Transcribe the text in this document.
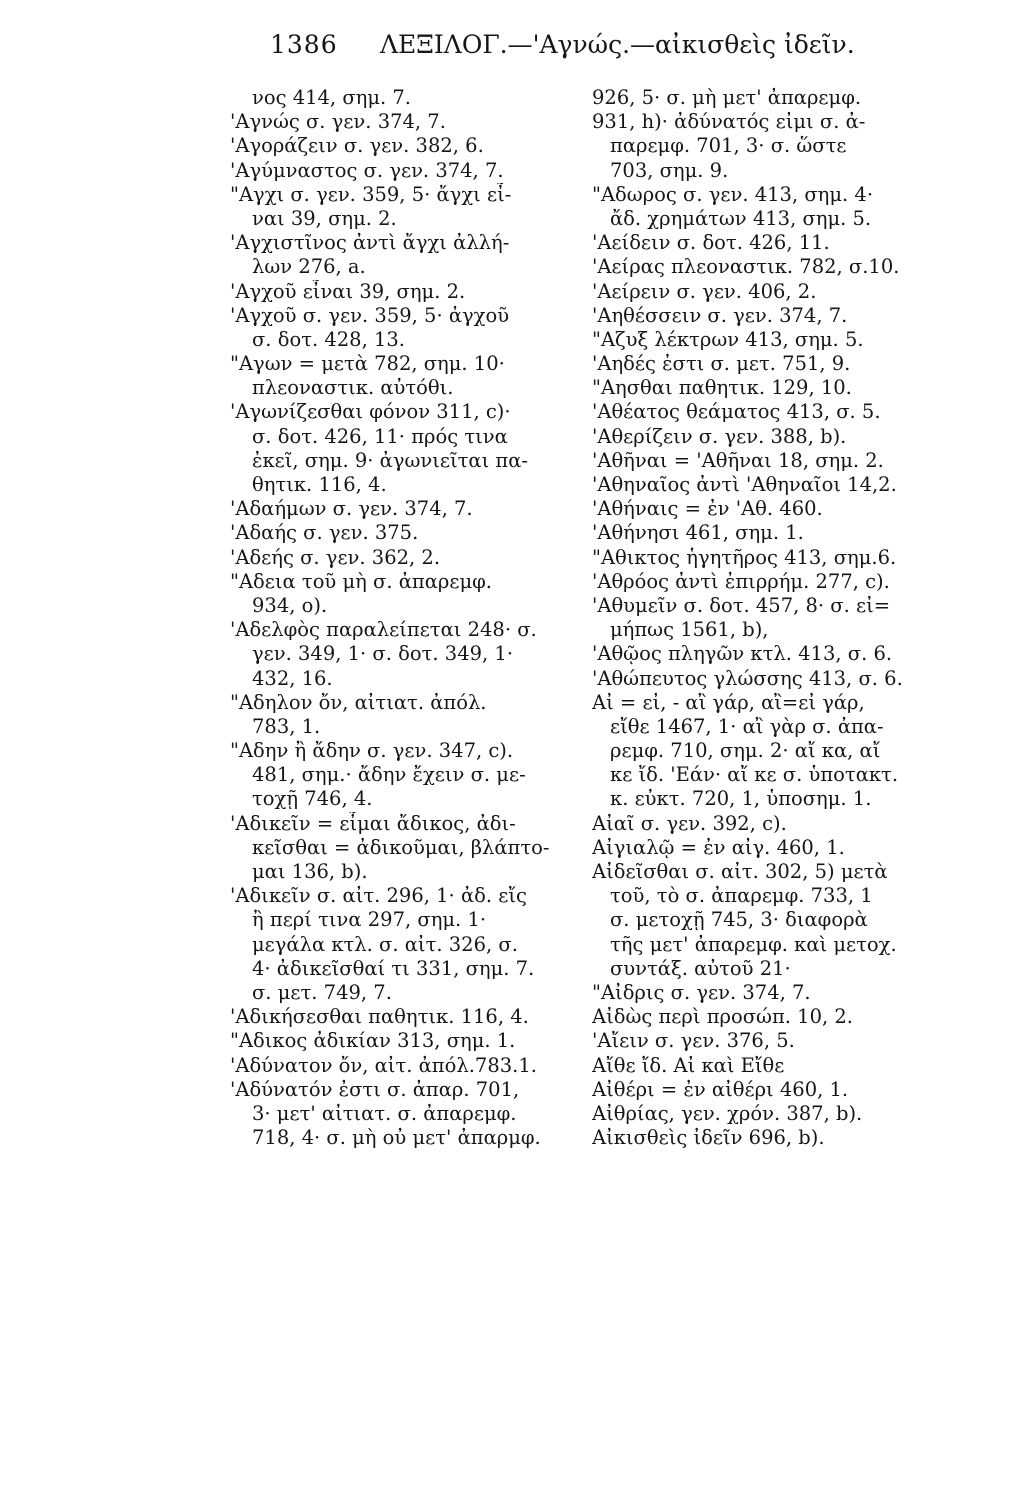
1386 ΛΕΞΙΛΟΓ.—'Αγνώς.—αἰκισθεὶς ἰδεῖν.
νος 414, σημ. 7.
'Αγνώς σ. γεν. 374, 7.
'Αγοράζειν σ. γεν. 382, 6.
'Αγύμναστος σ. γεν. 374, 7.
"Αγχι σ. γεν. 359, 5· ἄγχι εἶ-
ναι 39, σημ. 2.
'Αγχιστῖνος ἀντὶ ἄγχι ἀλλή-
λων 276, a.
'Αγχοῦ εἶναι 39, σημ. 2.
'Αγχοῦ σ. γεν. 359, 5· ἀγχοῦ
σ. δοτ. 428, 13.
"Αγων = μετὰ 782, σημ. 10·
πλεοναστικ. αὐτόθι.
'Αγωνίζεσθαι φόνον 311, c)·
σ. δοτ. 426, 11· πρός τινα
ἐκεῖ, σημ. 9· ἀγωνιεῖται πα-
θητικ. 116, 4.
'Αδαήμων σ. γεν. 374, 7.
'Αδαής σ. γεν. 375.
'Αδεής σ. γεν. 362, 2.
"Αδεια τοῦ μὴ σ. ἀπαρεμφ.
934, o).
'Αδελφὸς παραλείπεται 248· σ.
γεν. 349, 1· σ. δοτ. 349, 1·
432, 16.
"Αδηλον ὄν, αἰτιατ. ἀπόλ.
783, 1.
"Αδην ἢ ἄδην σ. γεν. 347, c).
481, σημ.· ἄδην ἔχειν σ. με-
τοχῇ 746, 4.
'Αδικεῖν = εἶμαι ἄδικος, ἀδι-
κεῖσθαι = ἀδικοῦμαι, βλάπτο-
μαι 136, b).
'Αδικεῖν σ. αἰτ. 296, 1· ἀδ. εἴς
ἢ περί τινα 297, σημ. 1·
μεγάλα κτλ. σ. αἰτ. 326, σ.
4· ἀδικεῖσθαί τι 331, σημ. 7.
σ. μετ. 749, 7.
'Αδικήσεσθαι παθητικ. 116, 4.
"Αδικος ἀδικίαν 313, σημ. 1.
'Αδύνατον ὄν, αἰτ. ἀπόλ.783.1.
'Αδύνατόν ἐστι σ. ἀπαρ. 701,
3· μετ' αἰτιατ. σ. ἀπαρεμφ.
718, 4· σ. μὴ οὐ μετ' ἀπαρμφ.
926, 5· σ. μὴ μετ' ἀπαρεμφ.
931, h)· ἀδύνατός εἰμι σ. ἀ-
παρεμφ. 701, 3· σ. ὥστε
703, σημ. 9.
"Αδωρος σ. γεν. 413, σημ. 4·
ἄδ. χρημάτων 413, σημ. 5.
'Αείδειν σ. δοτ. 426, 11.
'Αείρας πλεοναστικ. 782, σ.10.
'Αείρειν σ. γεν. 406, 2.
'Αηθέσσειν σ. γεν. 374, 7.
"Αζυξ λέκτρων 413, σημ. 5.
'Αηδές ἐστι σ. μετ. 751, 9.
"Αησθαι παθητικ. 129, 10.
'Αθέατος θεάματος 413, σ. 5.
'Αθερίζειν σ. γεν. 388, b).
'Αθῆναι = 'Αθῆναι 18, σημ. 2.
'Αθηναῖος ἀντὶ 'Αθηναῖοι 14,2.
'Αθήναις = ἐν 'Αθ. 460.
'Αθήνησι 461, σημ. 1.
"Αθικτος ἡγητῆρος 413, σημ.6.
'Αθρόος ἀντὶ ἐπιρρήμ. 277, c).
'Αθυμεῖν σ. δοτ. 457, 8· σ. εἰ=
μήπως 1561, b),
'Αθῷος πληγῶν κτλ. 413, σ. 6.
'Αθώπευτος γλώσσης 413, σ. 6.
Αἰ = εἰ, - αἲ γάρ, αἲ=εἰ γάρ,
εἴθε 1467, 1· αἲ γὰρ σ. ἀπα-
ρεμφ. 710, σημ. 2· αἴ κα, αἴ
κε ἴδ. 'Εάν· αἴ κε σ. ὑποτακτ.
κ. εὐκτ. 720, 1, ὑποσημ. 1.
Αἰαῖ σ. γεν. 392, c).
Αἰγιαλῷ = ἐν αἰγ. 460, 1.
Αἰδεῖσθαι σ. αἰτ. 302, 5) μετὰ
τοῦ, τὸ σ. ἀπαρεμφ. 733, 1
σ. μετοχῇ 745, 3· διαφορὰ
τῆς μετ' ἀπαρεμφ. καὶ μετοχ.
συντάξ. αὐτοῦ 21·
"Αἰδρις σ. γεν. 374, 7.
Αἰδὼς περὶ προσώπ. 10, 2.
'Αἴειν σ. γεν. 376, 5.
Αἴθε ἴδ. Αἰ καὶ Εἴθε
Αἰθέρι = ἐν αἰθέρι 460, 1.
Αἰθρίας, γεν. χρόν. 387, b).
Αἰκισθεὶς ἰδεῖν 696, b).
